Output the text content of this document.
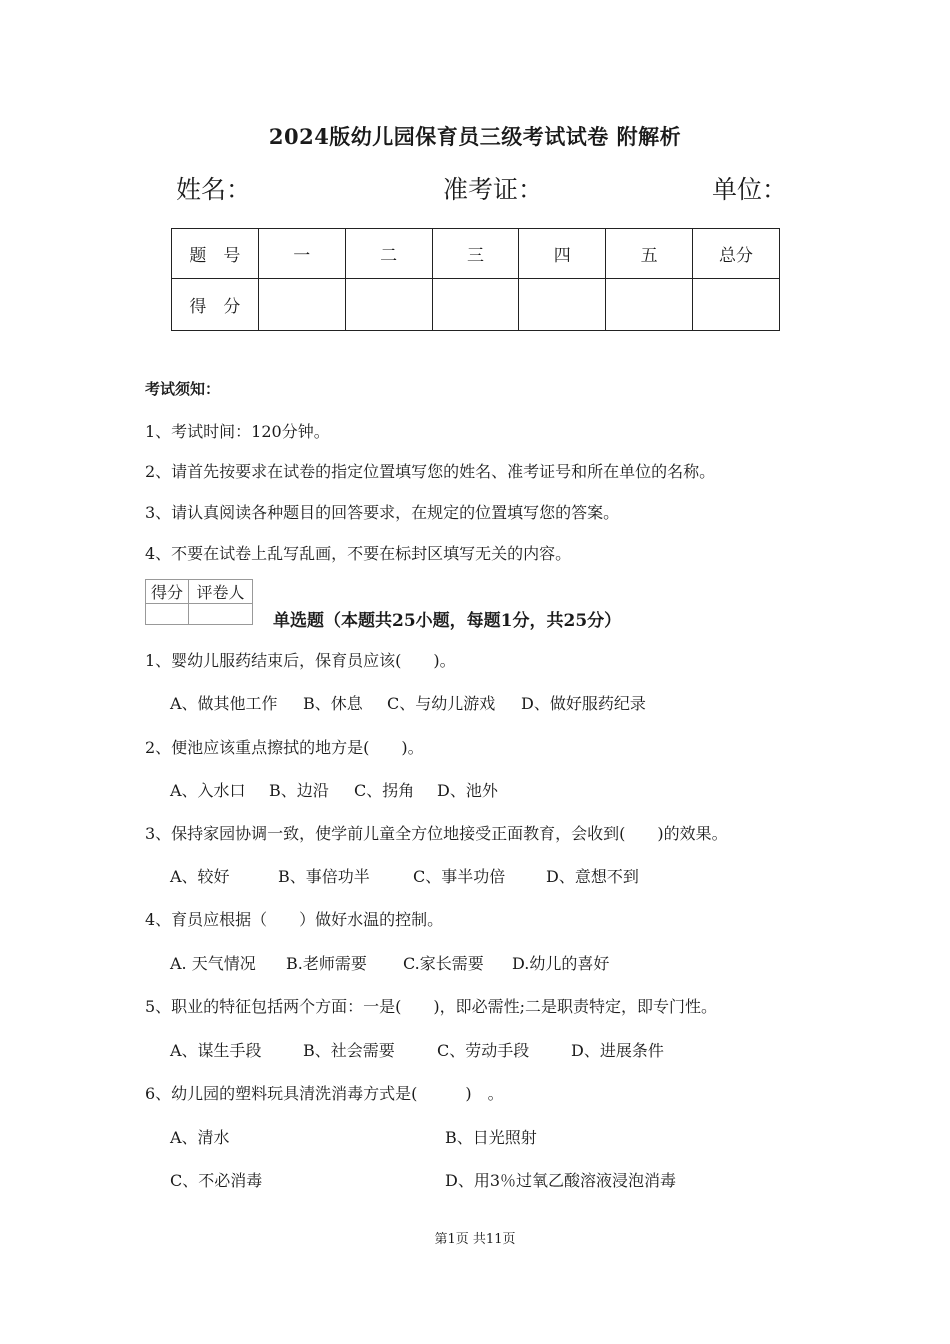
2024版幼儿园保育员三级考试试卷 附解析
姓名：	准考证：	单位：
题　号	一	二	三	四	五	总分
得　分						
考试须知：
1、考试时间：120分钟。
2、请首先按要求在试卷的指定位置填写您的姓名、准考证号和所在单位的名称。
3、请认真阅读各种题目的回答要求，在规定的位置填写您的答案。
4、不要在试卷上乱写乱画，不要在标封区填写无关的内容。
得分	评卷人

单选题（本题共25小题，每题1分，共25分）
1、婴幼儿服药结束后，保育员应该(　　)。
A、做其他工作 B、休息 C、与幼儿游戏 D、做好服药纪录
2、便池应该重点擦拭的地方是(　　)。
A、入水口 B、边沿 C、拐角 D、池外
3、保持家园协调一致，使学前儿童全方位地接受正面教育，会收到(　　)的效果。
A、较好	B、事倍功半	C、事半功倍	D、意想不到
4、育员应根据（　　）做好水温的控制。
A. 天气情况 B.老师需要 C.家长需要 D.幼儿的喜好
5、职业的特征包括两个方面：一是(　　)，即必需性;二是职责特定，即专门性。
A、谋生手段	B、社会需要	C、劳动手段	D、进展条件
6、幼儿园的塑料玩具清洗消毒方式是(　　　)　。
A、清水	B、日光照射
C、不必消毒	D、用3％过氧乙酸溶液浸泡消毒
第1页 共11页
